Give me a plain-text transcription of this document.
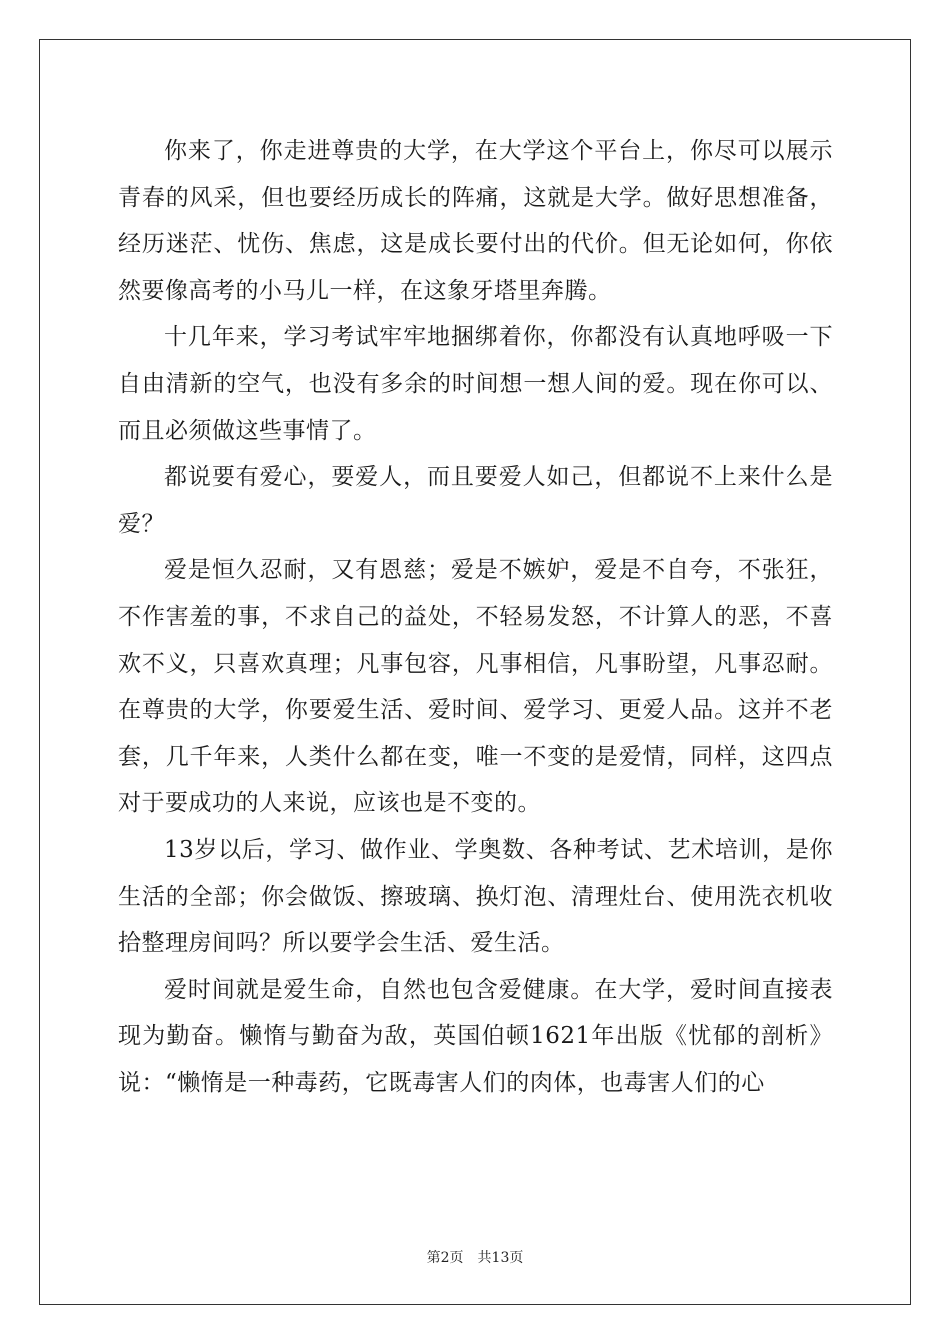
你来了，你走进尊贵的大学，在大学这个平台上，你尽可以展示青春的风采，但也要经历成长的阵痛，这就是大学。做好思想准备，经历迷茫、忧伤、焦虑，这是成长要付出的代价。但无论如何，你依然要像高考的小马儿一样，在这象牙塔里奔腾。

十几年来，学习考试牢牢地捆绑着你，你都没有认真地呼吸一下自由清新的空气，也没有多余的时间想一想人间的爱。现在你可以、而且必须做这些事情了。

都说要有爱心，要爱人，而且要爱人如己，但都说不上来什么是爱？

爱是恒久忍耐，又有恩慈；爱是不嫉妒，爱是不自夸，不张狂，不作害羞的事，不求自己的益处，不轻易发怒，不计算人的恶，不喜欢不义，只喜欢真理；凡事包容，凡事相信，凡事盼望，凡事忍耐。在尊贵的大学，你要爱生活、爱时间、爱学习、更爱人品。这并不老套，几千年来，人类什么都在变，唯一不变的是爱情，同样，这四点对于要成功的人来说，应该也是不变的。

13岁以后，学习、做作业、学奥数、各种考试、艺术培训，是你生活的全部；你会做饭、擦玻璃、换灯泡、清理灶台、使用洗衣机收拾整理房间吗？所以要学会生活、爱生活。

爱时间就是爱生命，自然也包含爱健康。在大学，爱时间直接表现为勤奋。懒惰与勤奋为敌，英国伯顿1621年出版《忧郁的剖析》说：“懒惰是一种毒药，它既毒害人们的肉体，也毒害人们的心

第2页 共13页
